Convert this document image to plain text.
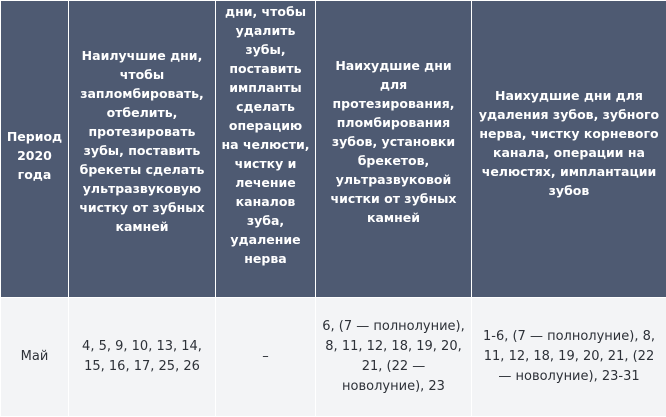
Период 2020 года	Наилучшие дни, чтобы запломбировать, отбелить, протезировать зубы, поставить брекеты сделать ультразвуковую чистку от зубных камней	дни, чтобы удалить зубы, поставить импланты сделать операцию на челюсти, чистку и лечение каналов зуба, удаление нерва	Наихудшие дни для протезирования, пломбирования зубов, установки брекетов, ультразвуковой чистки от зубных камней	Наихудшие дни для удаления зубов, зубного нерва, чистку корневого канала, операции на челюстях, имплантации зубов
Май	4, 5, 9, 10, 13, 14, 15, 16, 17, 25, 26	–	6, (7 — полнолуние), 8, 11, 12, 18, 19, 20, 21, (22 — новолуние), 23	1-6, (7 — полнолуние), 8, 11, 12, 18, 19, 20, 21, (22 — новолуние), 23-31
